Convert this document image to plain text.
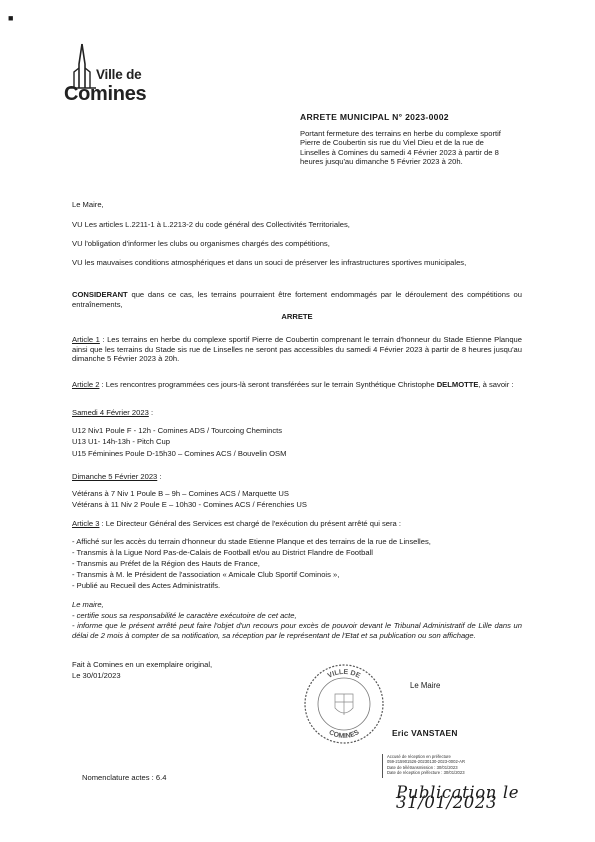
■
Ville de
Comines
ARRETE MUNICIPAL N° 2023-0002
Portant fermeture des terrains en herbe du complexe sportif Pierre de Coubertin sis rue du Viel Dieu et de la rue de Linselles à Comines du samedi 4 Février 2023 à partir de 8 heures jusqu'au dimanche 5 Février 2023 à 20h.
Le Maire,
VU Les articles L.2211-1 à L.2213-2 du code général des Collectivités Territoriales,
VU l'obligation d'informer les clubs ou organismes chargés des compétitions,
VU les mauvaises conditions atmosphériques et dans un souci de préserver les infrastructures sportives municipales,
CONSIDERANT que dans ce cas, les terrains pourraient être fortement endommagés par le déroulement des compétitions ou entraînements,
ARRETE
Article 1 : Les terrains en herbe du complexe sportif Pierre de Coubertin comprenant le terrain d'honneur du Stade Etienne Planque ainsi que les terrains du Stade sis rue de Linselles ne seront pas accessibles du samedi 4 Février 2023 à partir de 8 heures jusqu'au dimanche 5 Février 2023 à 20h.
Article 2 : Les rencontres programmées ces jours-là seront transférées sur le terrain Synthétique Christophe DELMOTTE, à savoir :
Samedi 4 Février 2023 :
U12 Niv1 Poule F - 12h - Comines ADS / Tourcoing Chemincts
U13 U1- 14h-13h - Pitch Cup
U15 Féminines Poule D-15h30 – Comines ACS / Bouvelin OSM
Dimanche 5 Février 2023 :
Vétérans à 7 Niv 1 Poule B – 9h – Comines ACS / Marquette US
Vétérans à 11 Niv 2 Poule E – 10h30 - Comines ACS / Férenchies US
Article 3 : Le Directeur Général des Services est chargé de l'exécution du présent arrêté qui sera :
- Affiché sur les accès du terrain d'honneur du stade Etienne Planque et des terrains de la rue de Linselles,
- Transmis à la Ligue Nord Pas-de-Calais de Football et/ou au District Flandre de Football
- Transmis au Préfet de la Région des Hauts de France,
- Transmis à M. le Président de l'association « Amicale Club Sportif Cominois »,
- Publié au Recueil des Actes Administratifs.
Le maire,
- certifie sous sa responsabilité le caractère exécutoire de cet acte,
- informe que le présent arrêté peut faire l'objet d'un recours pour excès de pouvoir devant le Tribunal Administratif de Lille dans un délai de 2 mois à compter de sa notification, sa réception par le représentant de l'Etat et sa publication ou son affichage.
Fait à Comines en un exemplaire original,
Le 30/01/2023	VILLE DE
COMINES
Le Maire
Eric VANSTAEN
Accusé de réception en préfecture
059-215901526-20230130-2023-0002-AR
Date de télétransmission : 30/01/2023
Date de réception préfecture : 30/01/2023
Nomenclature actes : 6.4
Publication le 31/01/2023
